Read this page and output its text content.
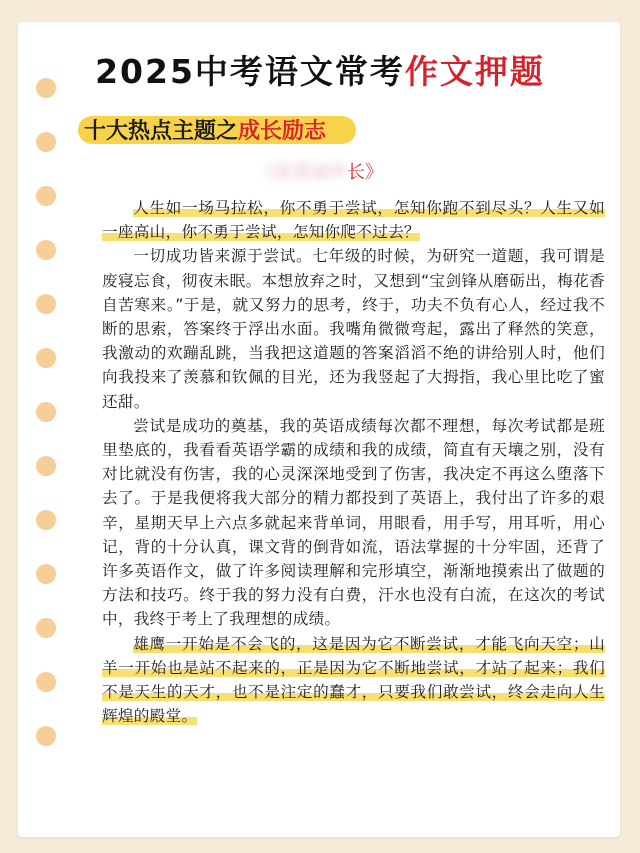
2025中考语文常考作文押题
十大热点主题之成长励志
《在尝试中长》

人生如一场马拉松，你不勇于尝试，怎知你跑不到尽头？人生又如一座高山，你不勇于尝试，怎知你爬不过去？

一切成功皆来源于尝试。七年级的时候，为研究一道题，我可谓是废寝忘食，彻夜未眠。本想放弃之时，又想到“宝剑锋从磨砺出，梅花香自苦寒来。”于是，就又努力的思考，终于，功夫不负有心人，经过我不断的思索，答案终于浮出水面。我嘴角微微弯起，露出了释然的笑意，我激动的欢蹦乱跳，当我把这道题的答案滔滔不绝的讲给别人时，他们向我投来了羡慕和钦佩的目光，还为我竖起了大拇指，我心里比吃了蜜还甜。

尝试是成功的奠基，我的英语成绩每次都不理想，每次考试都是班里垫底的，我看看英语学霸的成绩和我的成绩，简直有天壤之别，没有对比就没有伤害，我的心灵深深地受到了伤害，我决定不再这么堕落下去了。于是我便将我大部分的精力都投到了英语上，我付出了许多的艰辛，星期天早上六点多就起来背单词，用眼看，用手写，用耳听，用心记，背的十分认真，课文背的倒背如流，语法掌握的十分牢固，还背了许多英语作文，做了许多阅读理解和完形填空，渐渐地摸索出了做题的方法和技巧。终于我的努力没有白费，汗水也没有白流，在这次的考试中，我终于考上了我理想的成绩。

雄鹰一开始是不会飞的，这是因为它不断尝试，才能飞向天空；山羊一开始也是站不起来的，正是因为它不断地尝试，才站了起来；我们不是天生的天才，也不是注定的蠢才，只要我们敢尝试，终会走向人生辉煌的殿堂。
